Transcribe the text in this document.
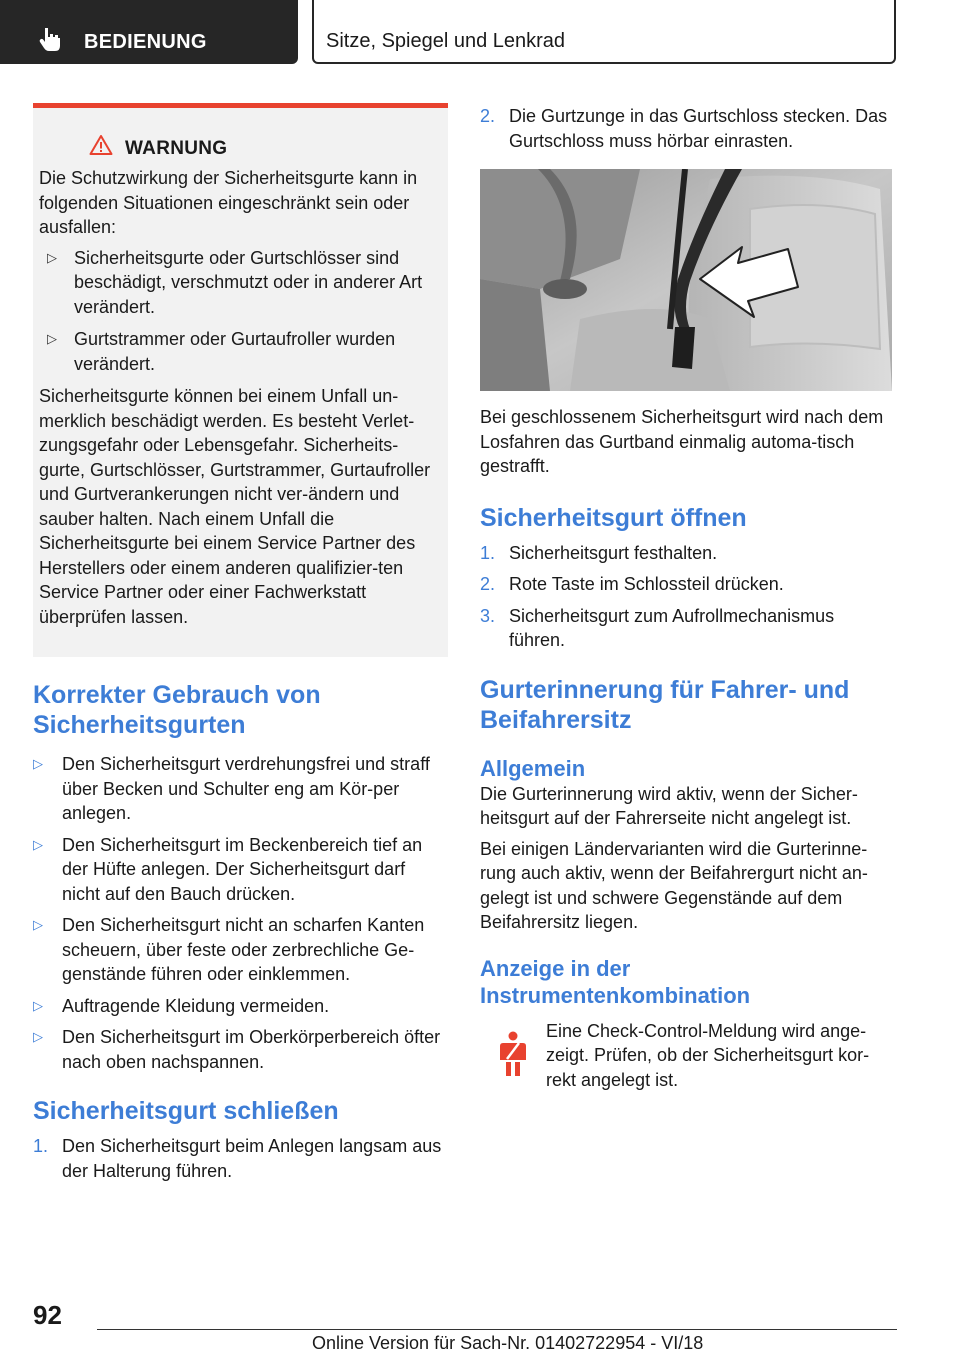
BEDIENUNG	Sitze, Spiegel und Lenkrad
WARNUNG

Die Schutzwirkung der Sicherheitsgurte kann in folgenden Situationen eingeschränkt sein oder ausfallen:

▷ Sicherheitsgurte oder Gurtschlösser sind beschädigt, verschmutzt oder in anderer Art verändert.
▷ Gurtstrammer oder Gurtaufroller wurden verändert.

Sicherheitsgurte können bei einem Unfall un-merklich beschädigt werden. Es besteht Verlet-zungsgefahr oder Lebensgefahr. Sicherheits-gurte, Gurtschlösser, Gurtstrammer, Gurtaufroller und Gurtverankerungen nicht ver-ändern und sauber halten. Nach einem Unfall die Sicherheitsgurte bei einem Service Partner des Herstellers oder einem anderen qualifizier-ten Service Partner oder einer Fachwerkstatt überprüfen lassen.

Korrekter Gebrauch von Sicherheitsgurten
▷ Den Sicherheitsgurt verdrehungsfrei und straff über Becken und Schulter eng am Kör-per anlegen.
▷ Den Sicherheitsgurt im Beckenbereich tief an der Hüfte anlegen. Der Sicherheitsgurt darf nicht auf den Bauch drücken.
▷ Den Sicherheitsgurt nicht an scharfen Kanten scheuern, über feste oder zerbrechliche Ge-genstände führen oder einklemmen.
▷ Auftragende Kleidung vermeiden.
▷ Den Sicherheitsgurt im Oberkörperbereich öfter nach oben nachspannen.
Sicherheitsgurt schließen
1. Den Sicherheitsgurt beim Anlegen langsam aus der Halterung führen.
2. Die Gurtzunge in das Gurtschloss stecken. Das Gurtschloss muss hörbar einrasten.

Bei geschlossenem Sicherheitsgurt wird nach dem Losfahren das Gurtband einmalig automa-tisch gestrafft.

Sicherheitsgurt öffnen
1. Sicherheitsgurt festhalten.
2. Rote Taste im Schlossteil drücken.
3. Sicherheitsgurt zum Aufrollmechanismus führen.
Gurterinnerung für Fahrer- und Beifahrersitz
Allgemein

Die Gurterinnerung wird aktiv, wenn der Sicher-heitsgurt auf der Fahrerseite nicht angelegt ist.

Bei einigen Ländervarianten wird die Gurterinne-rung auch aktiv, wenn der Beifahrergurt nicht an-gelegt ist und schwere Gegenstände auf dem Beifahrersitz liegen.

Anzeige in der Instrumentenkombination

Eine Check-Control-Meldung wird ange-zeigt. Prüfen, ob der Sicherheitsgurt kor-rekt angelegt ist.

92
Online Version für Sach-Nr. 01402722954 - VI/18
